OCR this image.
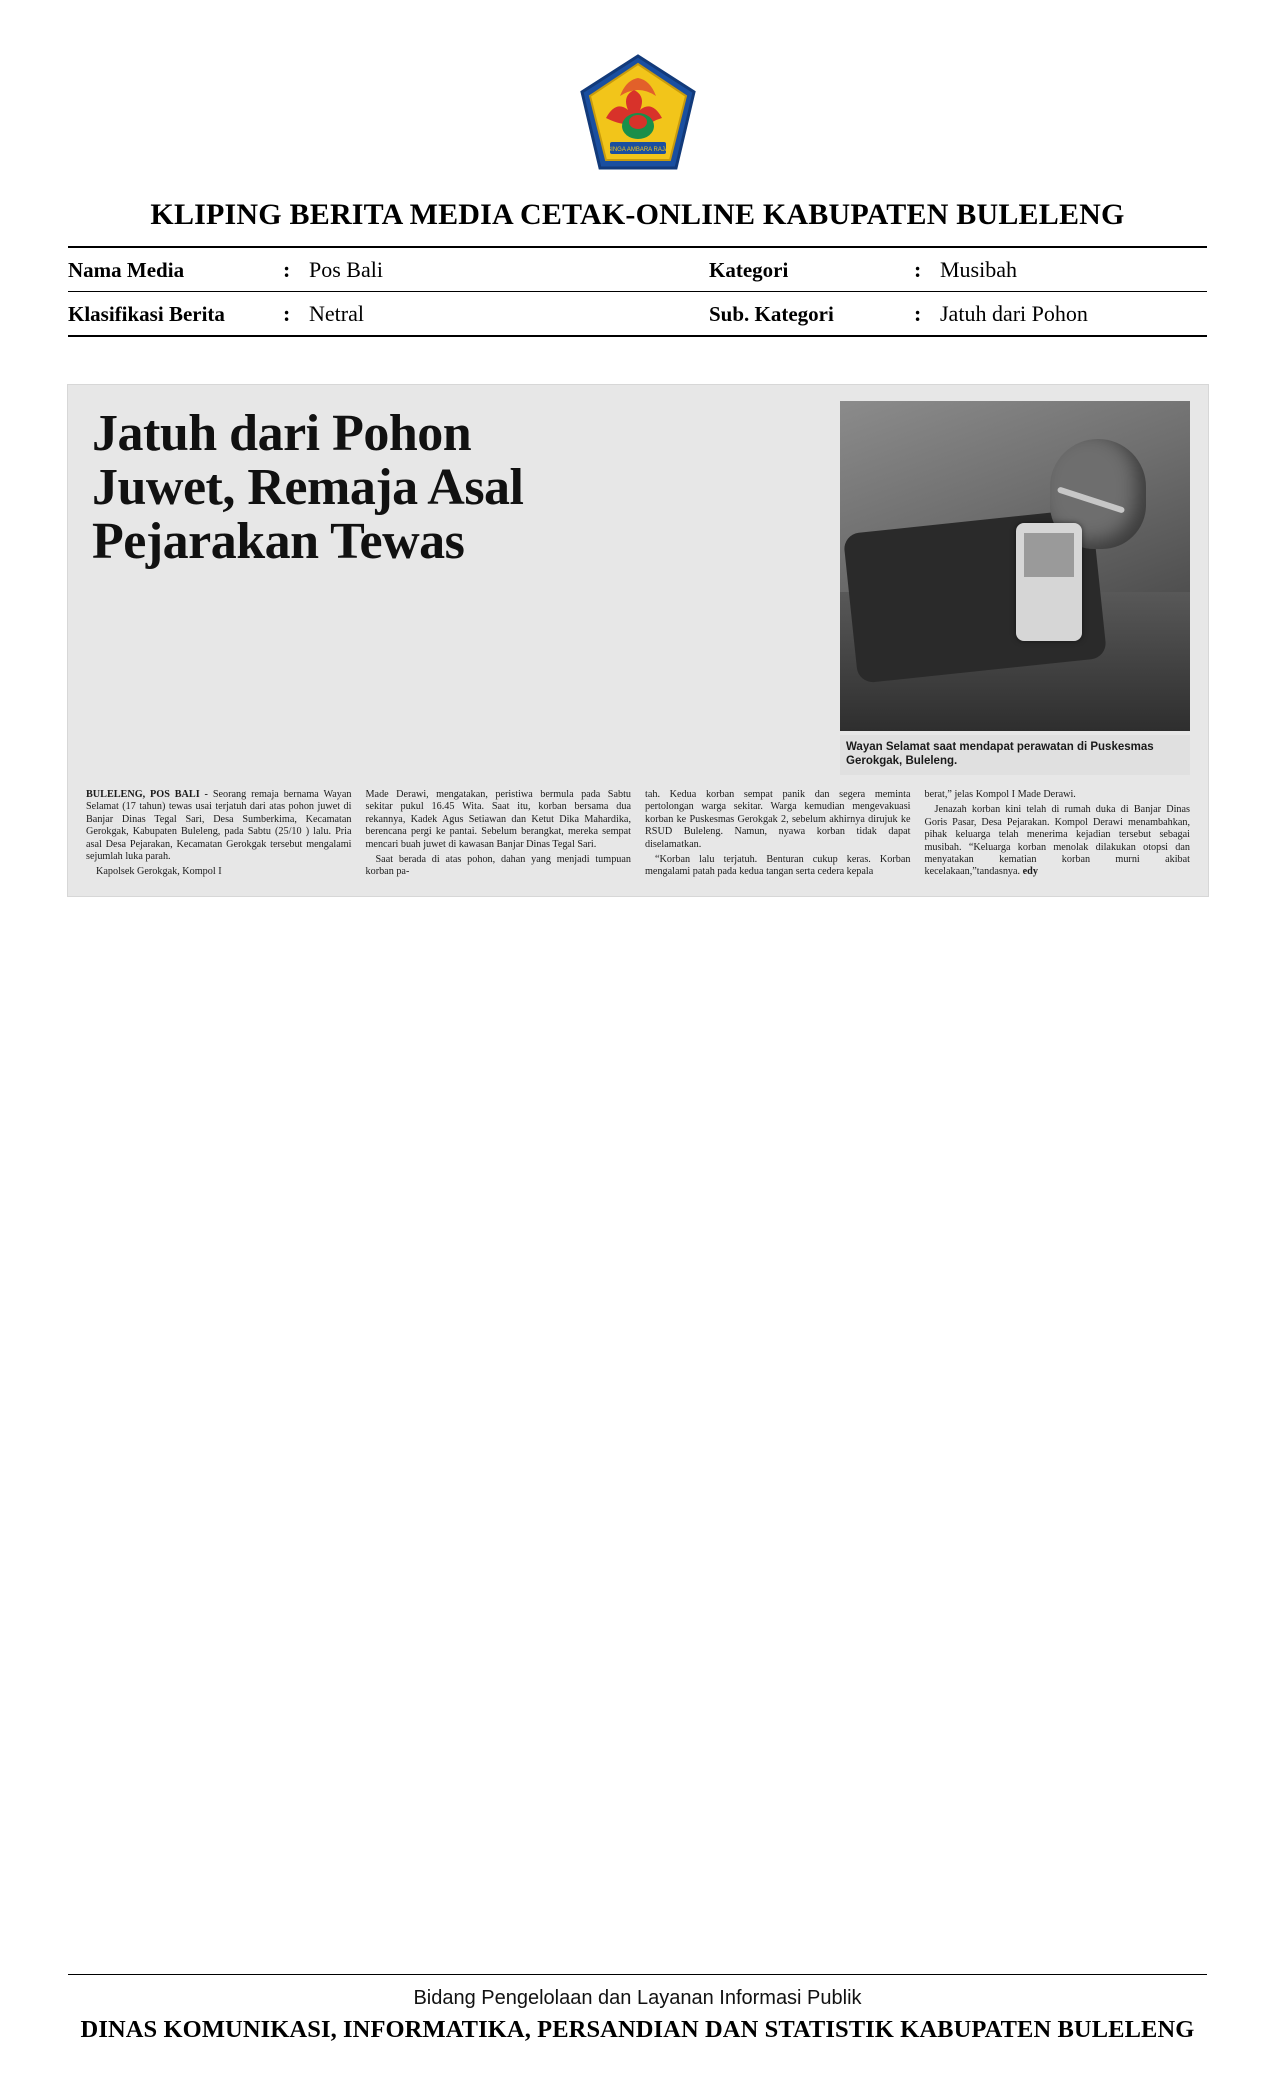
SINGA AMBARA RAJA
KLIPING BERITA MEDIA CETAK-ONLINE KABUPATEN BULELENG
Nama Media	:	Pos Bali	Kategori	:	Musibah
Klasifikasi Berita	:	Netral	Sub. Kategori	:	Jatuh dari Pohon
Jatuh dari Pohon
Juwet, Remaja Asal
Pejarakan Tewas
Wayan Selamat saat mendapat perawatan di Puskesmas Gerokgak, Buleleng.

BULELENG, POS BALI - Seorang remaja bernama Wayan Selamat (17 tahun) tewas usai terjatuh dari atas pohon juwet di Banjar Dinas Tegal Sari, Desa Sumberkima, Kecamatan Gerokgak, Kabupaten Buleleng, pada Sabtu (25/10 ) lalu. Pria asal Desa Pejarakan, Kecamatan Gerokgak tersebut mengalami sejumlah luka parah.

Kapolsek Gerokgak, Kompol I

Made Derawi, mengatakan, peristiwa bermula pada Sabtu sekitar pukul 16.45 Wita. Saat itu, korban bersama dua rekannya, Kadek Agus Setiawan dan Ketut Dika Mahardika, berencana pergi ke pantai. Sebelum berangkat, mereka sempat mencari buah juwet di kawasan Banjar Dinas Tegal Sari.

Saat berada di atas pohon, dahan yang menjadi tumpuan korban pa-

tah. Kedua korban sempat panik dan segera meminta pertolongan warga sekitar. Warga kemudian mengevakuasi korban ke Puskesmas Gerokgak 2, sebelum akhirnya dirujuk ke RSUD Buleleng. Namun, nyawa korban tidak dapat diselamatkan.

“Korban lalu terjatuh. Benturan cukup keras. Korban mengalami patah pada kedua tangan serta cedera kepala

berat,” jelas Kompol I Made Derawi.

Jenazah korban kini telah di rumah duka di Banjar Dinas Goris Pasar, Desa Pejarakan. Kompol Derawi menambahkan, pihak keluarga telah menerima kejadian tersebut sebagai musibah. “Keluarga korban menolak dilakukan otopsi dan menyatakan kematian korban murni akibat kecelakaan,”tandasnya. edy

Bidang Pengelolaan dan Layanan Informasi Publik
DINAS KOMUNIKASI, INFORMATIKA, PERSANDIAN DAN STATISTIK KABUPATEN BULELENG
